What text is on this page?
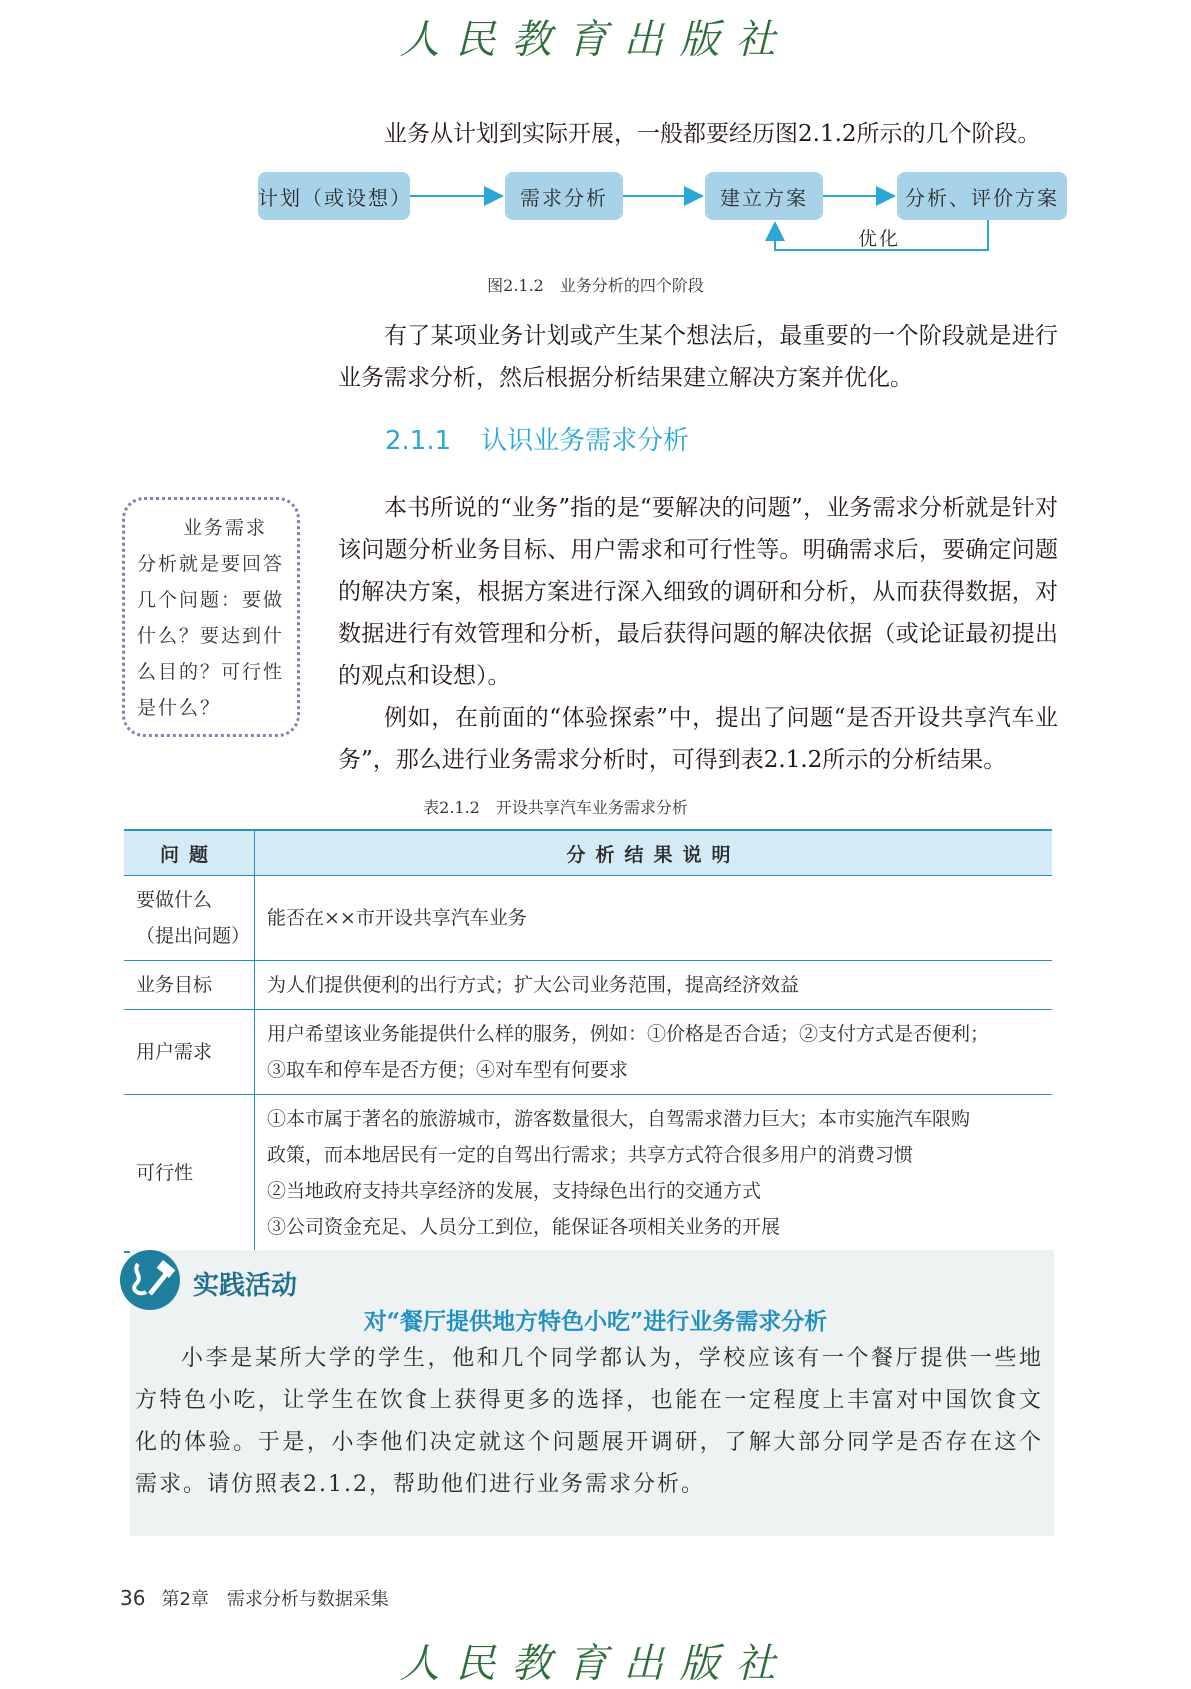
人民教育出版社
业务从计划到实际开展，一般都要经历图2.1.2所示的几个阶段。
计划（或设想）	需求分析	建立方案	分析、评价方案
优化
图2.1.2　业务分析的四个阶段
有了某项业务计划或产生某个想法后，最重要的一个阶段就是进行业务需求分析，然后根据分析结果建立解决方案并优化。
2.1.1 认识业务需求分析
业务需求分析就是要回答几个问题：要做什么？要达到什么目的？可行性是什么？
本书所说的“业务”指的是“要解决的问题”，业务需求分析就是针对该问题分析业务目标、用户需求和可行性等。明确需求后，要确定问题的解决方案，根据方案进行深入细致的调研和分析，从而获得数据，对数据进行有效管理和分析，最后获得问题的解决依据（或论证最初提出的观点和设想）。
例如，在前面的“体验探索”中，提出了问题“是否开设共享汽车业务”，那么进行业务需求分析时，可得到表2.1.2所示的分析结果。
表2.1.2　开设共享汽车业务需求分析
问题	分析结果说明

要做什么
（提出问题）	能否在××市开设共享汽车业务

业务目标	为人们提供便利的出行方式；扩大公司业务范围，提高经济效益

用户需求	用户希望该业务能提供什么样的服务，例如：①价格是否合适；②支付方式是否便利；
③取车和停车是否方便；④对车型有何要求

可行性	①本市属于著名的旅游城市，游客数量很大，自驾需求潜力巨大；本市实施汽车限购
政策，而本地居民有一定的自驾出行需求；共享方式符合很多用户的消费习惯
②当地政府支持共享经济的发展，支持绿色出行的交通方式
③公司资金充足、人员分工到位，能保证各项相关业务的开展
实践活动
对“餐厅提供地方特色小吃”进行业务需求分析
小李是某所大学的学生，他和几个同学都认为，学校应该有一个餐厅提供一些地方特色小吃，让学生在饮食上获得更多的选择，也能在一定程度上丰富对中国饮食文化的体验。于是，小李他们决定就这个问题展开调研，了解大部分同学是否存在这个需求。请仿照表2.1.2，帮助他们进行业务需求分析。
36 第2章 需求分析与数据采集
人民教育出版社
